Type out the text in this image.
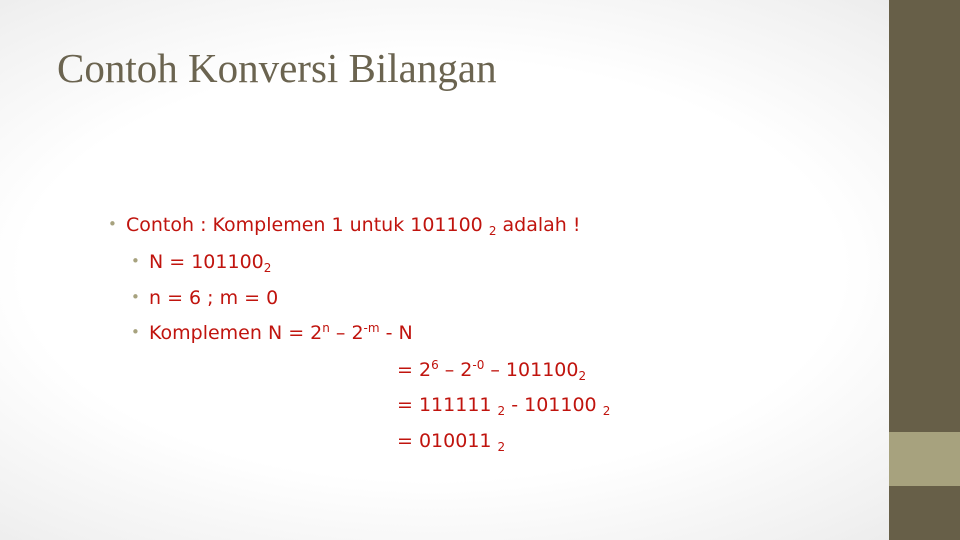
Contoh Konversi Bilangan
• Contoh : Komplemen 1 untuk 101100 $_2$ adalah !
• $N = 101100_2$
• n = 6 ; m = 0
• Komplemen $N = 2^n - 2^{-m} - N$
= $2^6 - 2^{-0} - 101100_2$
= 111111 $_2$ - 101100 $_2$
= 010011 $_2$
